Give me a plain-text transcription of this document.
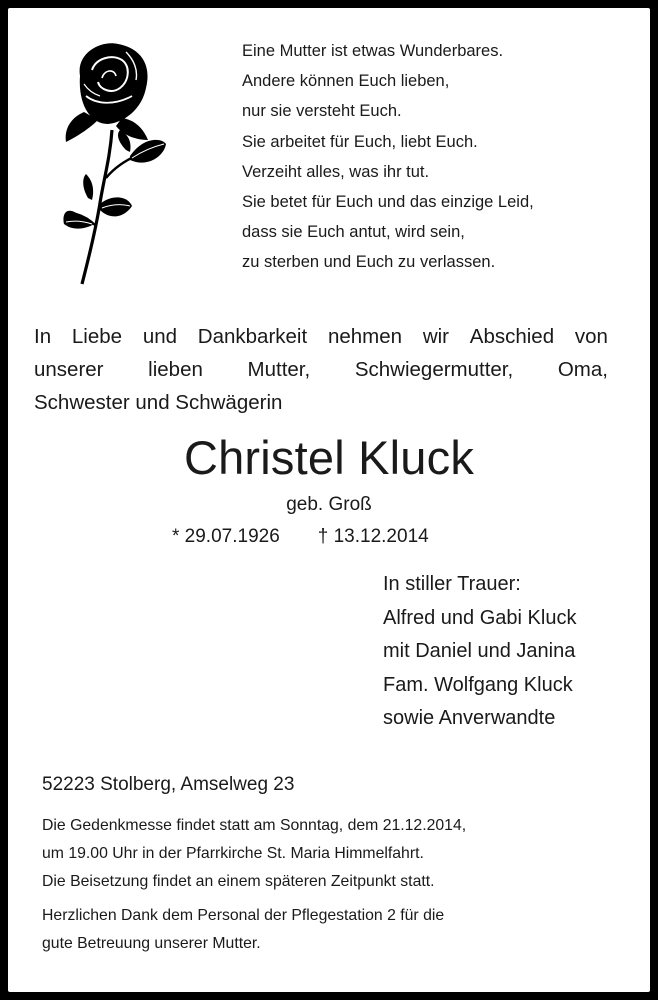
Eine Mutter ist etwas Wunderbares.
Andere können Euch lieben,
nur sie versteht Euch.
Sie arbeitet für Euch, liebt Euch.
Verzeiht alles, was ihr tut.
Sie betet für Euch und das einzige Leid,
dass sie Euch antut, wird sein,
zu sterben und Euch zu verlassen.
In Liebe und Dankbarkeit nehmen wir Abschied von
unserer lieben Mutter, Schwiegermutter, Oma,
Schwester und Schwägerin
Christel Kluck
geb. Groß
* 29.07.1926 † 13.12.2014
In stiller Trauer:
Alfred und Gabi Kluck
mit Daniel und Janina
Fam. Wolfgang Kluck
sowie Anverwandte
52223 Stolberg, Amselweg 23
Die Gedenkmesse findet statt am Sonntag, dem 21.12.2014,
um 19.00 Uhr in der Pfarrkirche St. Maria Himmelfahrt.
Die Beisetzung findet an einem späteren Zeitpunkt statt.
Herzlichen Dank dem Personal der Pflegestation 2 für die
gute Betreuung unserer Mutter.
